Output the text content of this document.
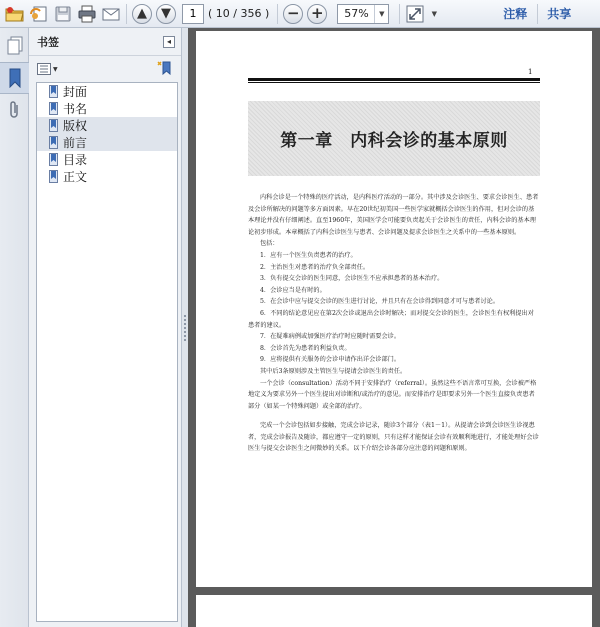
▲	▼
1	( 10 / 356 ) − +	57%	▼	▼	注释 共享
书签	◂
▼
封面
书名
版权
前言
目录
正文
1
第一章　内科会诊的基本原则

内科会诊是一个特殊的医疗活动，是内科医疗活动的一部分。其中涉及会诊医生、要求会诊医生、患者及会诊所解决的问题等多方面因素。早在20世纪初美国一些医学家就概括会诊医生的作用，但对会诊的基本理论并没有仔细阐述。直至1960年，美国医学会可能要负责起关于会诊医生的责任，内科会诊的基本理论初步形成。本章概括了内科会诊医生与患者、会诊问题及提求会诊医生之关系中的一些基本原则。

包括：

1．应有一个医生负责患者的治疗。

2．主治医生对患者的治疗负全部责任。

3．负有提交会诊的医生同意，会诊医生不应承担患者的基本治疗。

4．会诊应当是有时的。

5．在会诊中应与提交会诊的医生进行讨论，并且只有在会诊得到同意才可与患者讨论。

6．不同的结论意见应在第2次会诊或退出会诊时解决；而对提交会诊的医生，会诊医生有权利提出对患者的建议。

7．在疑难病例或加强医疗治疗时应随时需要会诊。

8．会诊首先为患者的利益负责。

9．应将提供有关服务的会诊申请作出详会诊部门。

其中后3条原则涉及主管医生与提请会诊医生的责任。

一个会诊（consultation）活动不同于安排治疗（referral）。虽然这些不语言常可互换，会诊被严格地定义为要求另外一个医生提出对诊断和/或治疗的意见。而安排治疗是即要求另外一个医生直接负责患者部分（如某一个特殊问题）或全部的治疗。

完成一个会诊包括如步接触，完成会诊记录，随诊3个部分（表1－1）。从提请会诊到会诊医生诊视患者，完成会诊报告及随诊，都应遵守一定的原则，只有这样才能保证会诊有效顺利地进行，才能处理好会诊医生与提交会诊医生之间微妙的关系。以下介绍会诊各部分应注意的问题和原则。
